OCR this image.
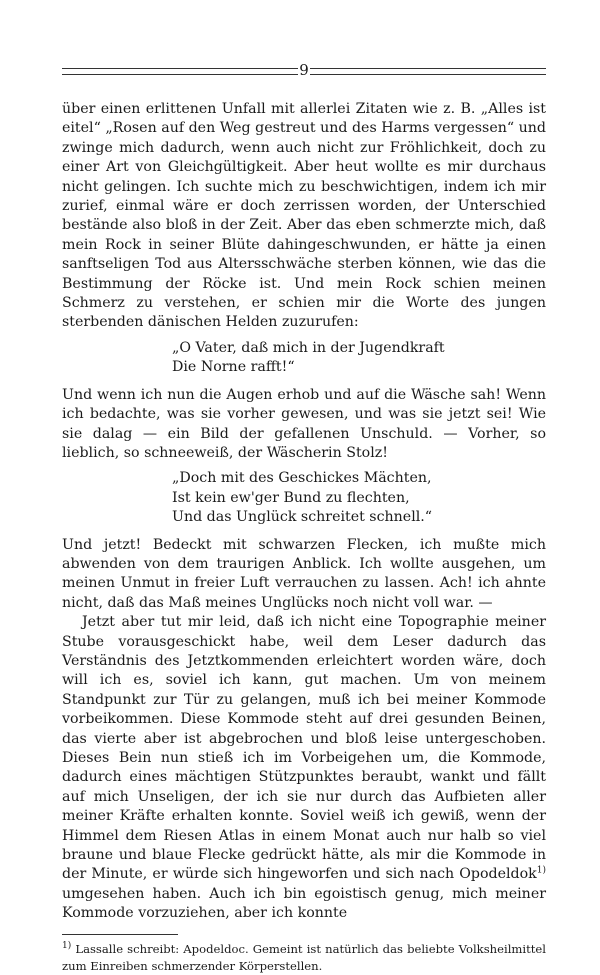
9

über einen erlittenen Unfall mit allerlei Zitaten wie z. B. „Alles ist eitel“ „Rosen auf den Weg gestreut und des Harms vergessen“ und zwinge mich dadurch, wenn auch nicht zur Fröhlichkeit, doch zu einer Art von Gleichgültigkeit. Aber heut wollte es mir durchaus nicht gelingen. Ich suchte mich zu beschwichtigen, indem ich mir zurief, einmal wäre er doch zerrissen worden, der Unterschied bestände also bloß in der Zeit. Aber das eben schmerzte mich, daß mein Rock in seiner Blüte dahingeschwunden, er hätte ja einen sanftseligen Tod aus Altersschwäche sterben können, wie das die Bestimmung der Röcke ist. Und mein Rock schien meinen Schmerz zu verstehen, er schien mir die Worte des jungen sterbenden dänischen Helden zuzurufen:

„O Vater, daß mich in der Jugendkraft
Die Norne rafft!“

Und wenn ich nun die Augen erhob und auf die Wäsche sah! Wenn ich bedachte, was sie vorher gewesen, und was sie jetzt sei! Wie sie dalag — ein Bild der gefallenen Unschuld. — Vorher, so lieblich, so schneeweiß, der Wäscherin Stolz!

„Doch mit des Geschickes Mächten,
Ist kein ew'ger Bund zu flechten,
Und das Unglück schreitet schnell.“

Und jetzt! Bedeckt mit schwarzen Flecken, ich mußte mich abwenden von dem traurigen Anblick. Ich wollte ausgehen, um meinen Unmut in freier Luft verrauchen zu lassen. Ach! ich ahnte nicht, daß das Maß meines Unglücks noch nicht voll war. —

Jetzt aber tut mir leid, daß ich nicht eine Topographie meiner Stube vorausgeschickt habe, weil dem Leser dadurch das Verständnis des Jetztkommenden erleichtert worden wäre, doch will ich es, soviel ich kann, gut machen. Um von meinem Standpunkt zur Tür zu gelangen, muß ich bei meiner Kommode vorbeikommen. Diese Kommode steht auf drei gesunden Beinen, das vierte aber ist abgebrochen und bloß leise untergeschoben. Dieses Bein nun stieß ich im Vorbeigehen um, die Kommode, dadurch eines mächtigen Stützpunktes beraubt, wankt und fällt auf mich Unseligen, der ich sie nur durch das Aufbieten aller meiner Kräfte erhalten konnte. Soviel weiß ich gewiß, wenn der Himmel dem Riesen Atlas in einem Monat auch nur halb so viel braune und blaue Flecke gedrückt hätte, als mir die Kommode in der Minute, er würde sich hingeworfen und sich nach Opodeldok$^{1)}$ umgesehen haben. Auch ich bin egoistisch genug, mich meiner Kommode vorzuziehen, aber ich konnte

$^{1)}$ Lassalle schreibt: Apodeldoc. Gemeint ist natürlich das beliebte Volksheilmittel zum Einreiben schmerzender Körperstellen.
